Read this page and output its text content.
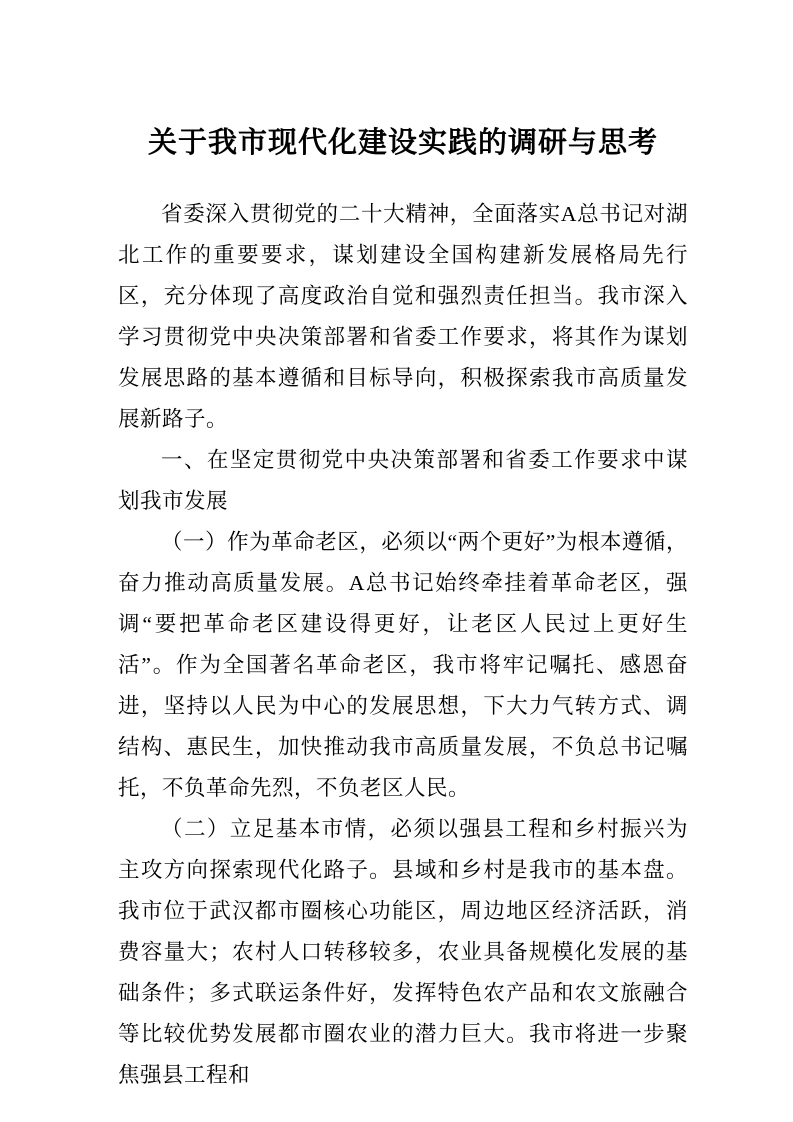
关于我市现代化建设实践的调研与思考

省委深入贯彻党的二十大精神，全面落实A总书记对湖北工作的重要要求，谋划建设全国构建新发展格局先行区，充分体现了高度政治自觉和强烈责任担当。我市深入学习贯彻党中央决策部署和省委工作要求，将其作为谋划发展思路的基本遵循和目标导向，积极探索我市高质量发展新路子。

一、在坚定贯彻党中央决策部署和省委工作要求中谋划我市发展

（一）作为革命老区，必须以“两个更好”为根本遵循，奋力推动高质量发展。A总书记始终牵挂着革命老区，强调“要把革命老区建设得更好，让老区人民过上更好生活”。作为全国著名革命老区，我市将牢记嘱托、感恩奋进，坚持以人民为中心的发展思想，下大力气转方式、调结构、惠民生，加快推动我市高质量发展，不负总书记嘱托，不负革命先烈，不负老区人民。

（二）立足基本市情，必须以强县工程和乡村振兴为主攻方向探索现代化路子。县域和乡村是我市的基本盘。我市位于武汉都市圈核心功能区，周边地区经济活跃，消费容量大；农村人口转移较多，农业具备规模化发展的基础条件；多式联运条件好，发挥特色农产品和农文旅融合等比较优势发展都市圈农业的潜力巨大。我市将进一步聚焦强县工程和
